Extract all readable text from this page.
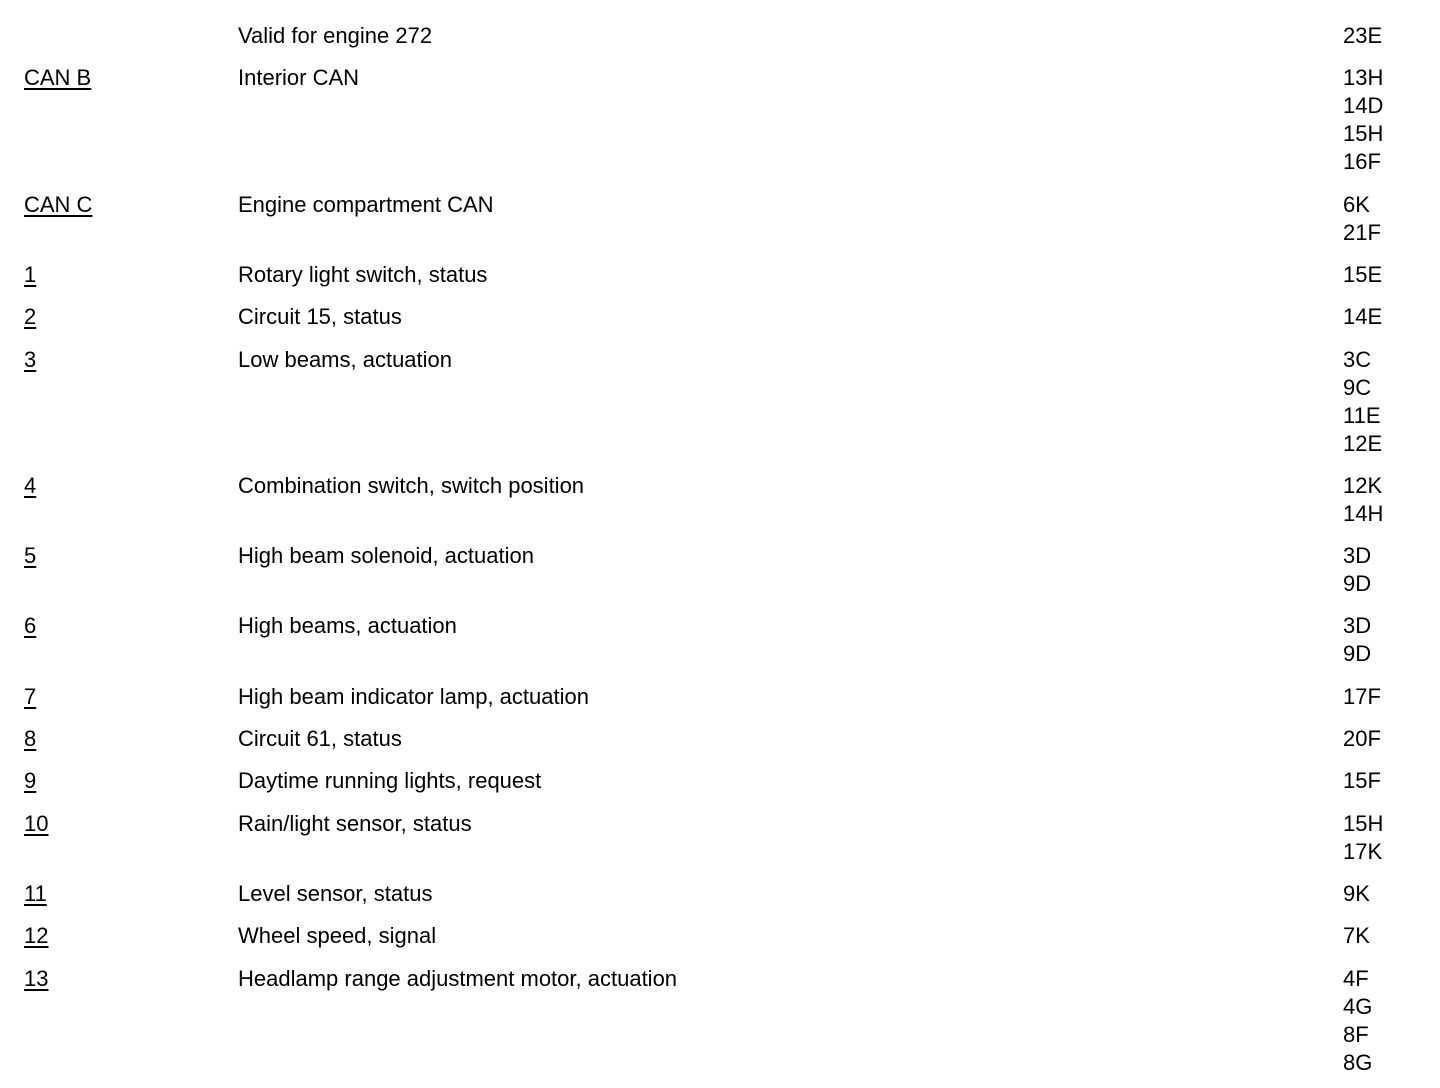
Valid for engine 272	23E
CAN B	Interior CAN	13H
14D
15H
16F
CAN C	Engine compartment CAN	6K
21F
1	Rotary light switch, status	15E
2	Circuit 15, status	14E
3	Low beams, actuation	3C
9C
11E
12E
4	Combination switch, switch position	12K
14H
5	High beam solenoid, actuation	3D
9D
6	High beams, actuation	3D
9D
7	High beam indicator lamp, actuation	17F
8	Circuit 61, status	20F
9	Daytime running lights, request	15F
10	Rain/light sensor, status	15H
17K
11	Level sensor, status	9K
12	Wheel speed, signal	7K
13	Headlamp range adjustment motor, actuation	4F
4G
8F
8G
